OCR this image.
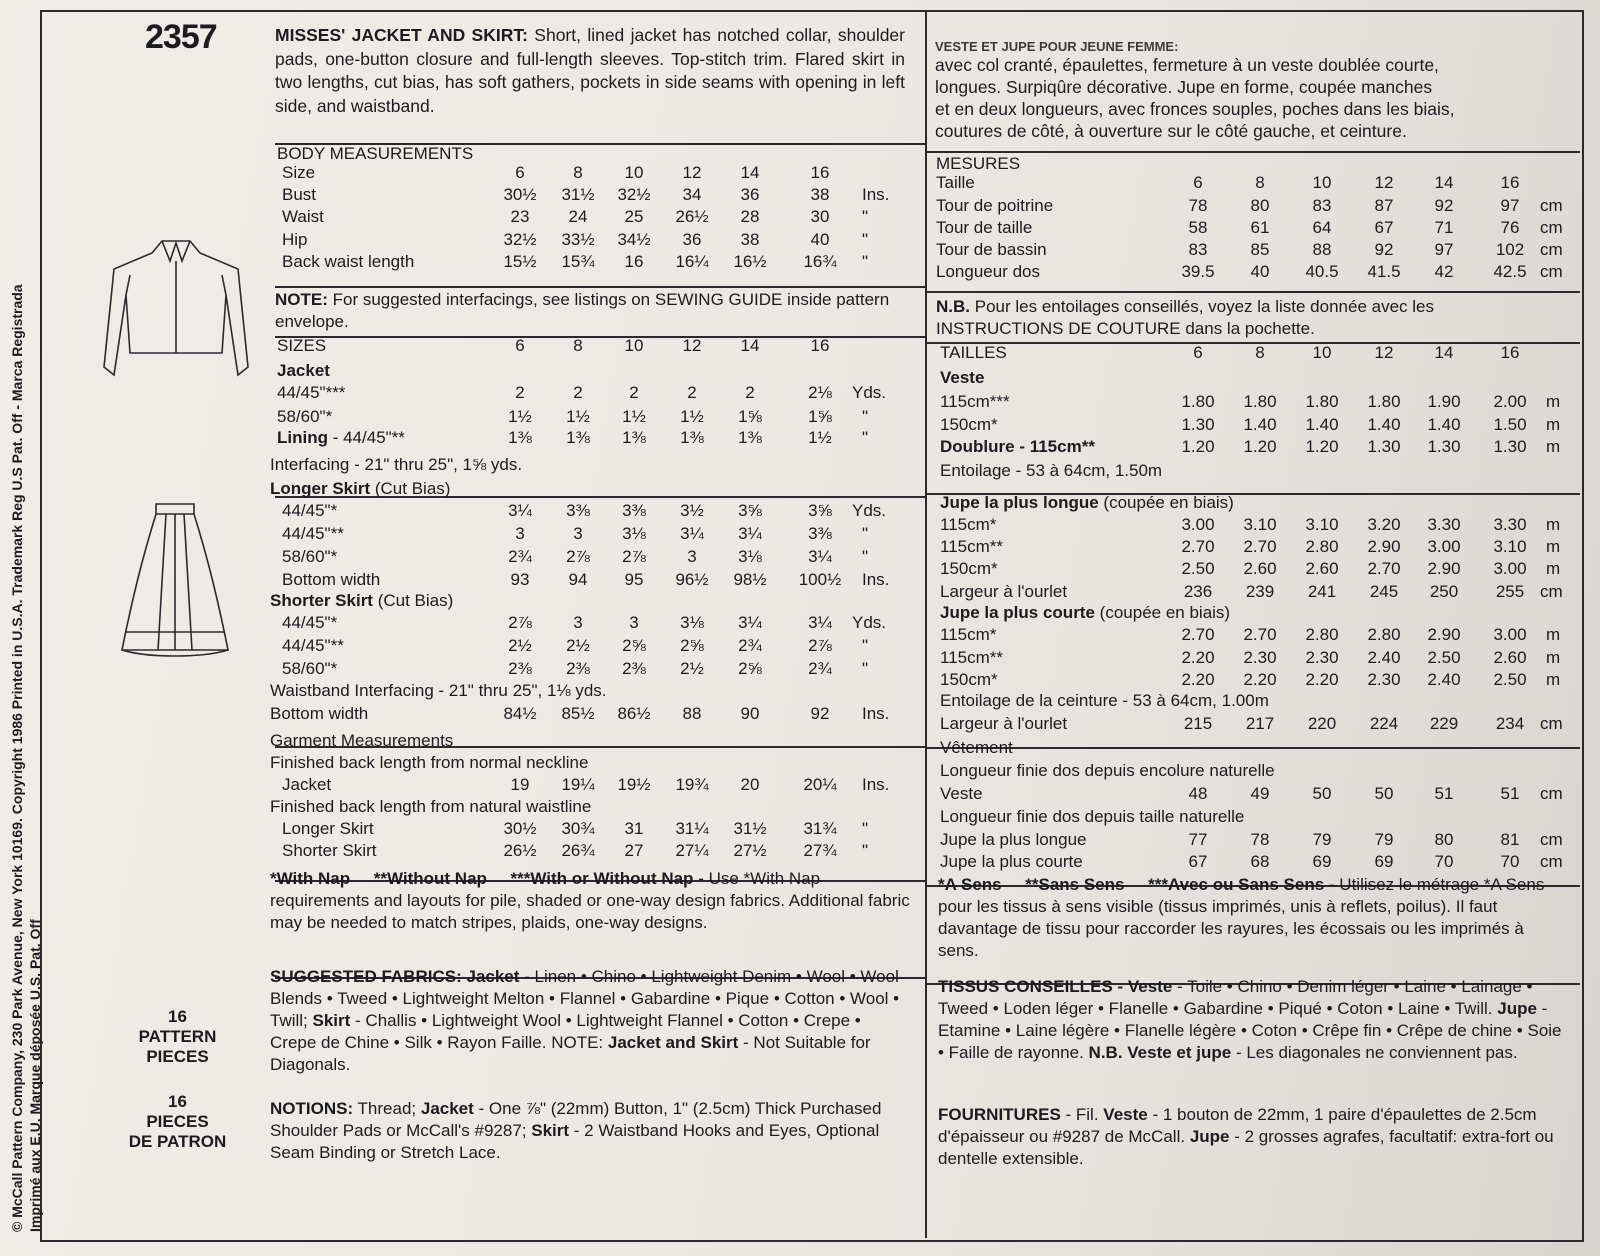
© McCall Pattern Company, 230 Park Avenue, New York 10169. Copyright 1986 Printed in U.S.A. Trademark Reg U.S Pat. Off - Marca Registrada Imprimé aux E.U. Marque déposée U.S. Pat. Off
2357
16
PATTERN
PIECES
16
PIECES
DE PATRON
MISSES' JACKET AND SKIRT: Short, lined jacket has notched collar, shoulder pads, one-button closure and full-length sleeves. Top-stitch trim. Flared skirt in two lengths, cut bias, has soft gathers, pockets in side seams with opening in left side, and waistband.
VESTE ET JUPE POUR JEUNE FEMME:
avec col cranté, épaulettes, fermeture à un veste doublée courte,
longues. Surpiqûre décorative. Jupe en forme, coupée manches
et en deux longueurs, avec fronces souples, poches dans les biais,
coutures de côté, à ouverture sur le côté gauche, et ceinture.
Size	6	8	10	12	14	16
Bust	30½	31½	32½	34	36	38	Ins.
Waist	23	24	25	26½	28	30	"
Hip	32½	33½	34½	36	38	40	"
Back waist length	15½	15¾	16	16¼	16½	16¾	"
SIZES	6	8	10	12	14	16
44/45"***	2	2	2	2	2	2⅛	Yds.
58/60"*	1½	1½	1½	1½	1⅝	1⅝	"
Lining - 44/45"**	1⅜	1⅜	1⅜	1⅜	1⅜	1½	"
44/45"*	3¼	3⅜	3⅜	3½	3⅝	3⅝	Yds.
44/45"**	3	3	3⅛	3¼	3¼	3⅜	"
58/60"*	2¾	2⅞	2⅞	3	3⅛	3¼	"
Bottom width	93	94	95	96½	98½	100½	Ins.
44/45"*	2⅞	3	3	3⅛	3¼	3¼	Yds.
44/45"**	2½	2½	2⅝	2⅝	2¾	2⅞	"
58/60"*	2⅜	2⅜	2⅜	2½	2⅝	2¾	"
Bottom width	84½	85½	86½	88	90	92	Ins.
Jacket	19	19¼	19½	19¾	20	20¼	Ins.
Longer Skirt	30½	30¾	31	31¼	31½	31¾	"
Shorter Skirt	26½	26¾	27	27¼	27½	27¾	"
Taille	6	8	10	12	14	16
Tour de poitrine	78	80	83	87	92	97	cm
Tour de taille	58	61	64	67	71	76	cm
Tour de bassin	83	85	88	92	97	102 cm
Longueur dos	39.5	40	40.5	41.5	42	42.5 cm
TAILLES	6	8	10	12	14	16
115cm***	1.80	1.80	1.80	1.80	1.90	2.00	m
150cm*	1.30	1.40	1.40	1.40	1.40	1.50	m
Doublure - 115cm**	1.20	1.20	1.20	1.30	1.30	1.30	m
115cm*	3.00	3.10	3.10	3.20	3.30	3.30	m
115cm**	2.70	2.70	2.80	2.90	3.00	3.10	m
150cm*	2.50	2.60	2.60	2.70	2.90	3.00	m
Largeur à l'ourlet	236	239	241	245	250	255 cm
115cm*	2.70	2.70	2.80	2.80	2.90	3.00	m
115cm**	2.20	2.30	2.30	2.40	2.50	2.60	m
150cm*	2.20	2.20	2.20	2.30	2.40	2.50	m
Largeur à l'ourlet	215	217	220	224	229	234 cm
Veste	48	49	50	50	51	51	cm
Jupe la plus longue	77	78	79	79	80	81	cm
Jupe la plus courte	67	68	69	69	70	70	cm
BODY MEASUREMENTS
NOTE: For suggested interfacings, see listings on SEWING GUIDE inside pattern envelope.
Jacket
Interfacing - 21" thru 25", 1⅝ yds.
Longer Skirt (Cut Bias)
Shorter Skirt (Cut Bias)
Waistband Interfacing - 21" thru 25", 1⅛ yds.
Garment Measurements
Finished back length from normal neckline
Finished back length from natural waistline
*With Nap **Without Nap ***With or Without Nap - Use *With Nap requirements and layouts for pile, shaded or one-way design fabrics. Additional fabric may be needed to match stripes, plaids, one-way designs.
SUGGESTED FABRICS: Jacket - Linen • Chino • Lightweight Denim • Wool • Wool Blends • Tweed • Lightweight Melton • Flannel • Gabardine • Pique • Cotton • Wool • Twill; Skirt - Challis • Lightweight Wool • Lightweight Flannel • Cotton • Crepe • Crepe de Chine • Silk • Rayon Faille. NOTE: Jacket and Skirt - Not Suitable for Diagonals.
NOTIONS: Thread; Jacket - One ⅞" (22mm) Button, 1" (2.5cm) Thick Purchased Shoulder Pads or McCall's #9287; Skirt - 2 Waistband Hooks and Eyes, Optional Seam Binding or Stretch Lace.
MESURES
N.B. Pour les entoilages conseillés, voyez la liste donnée avec les
INSTRUCTIONS DE COUTURE dans la pochette.
Veste
Entoilage - 53 à 64cm, 1.50m
Jupe la plus longue (coupée en biais)
Jupe la plus courte (coupée en biais)
Entoilage de la ceinture - 53 à 64cm, 1.00m
Vêtement
Longueur finie dos depuis encolure naturelle
Longueur finie dos depuis taille naturelle
*A Sens **Sans Sens ***Avec ou Sans Sens - Utilisez le métrage *A Sens pour les tissus à sens visible (tissus imprimés, unis à reflets, poilus). Il faut davantage de tissu pour raccorder les rayures, les écossais ou les imprimés à sens.
TISSUS CONSEILLES - Veste - Toile • Chino • Denim léger • Laine • Lainage • Tweed • Loden léger • Flanelle • Gabardine • Piqué • Coton • Laine • Twill. Jupe - Etamine • Laine légère • Flanelle légère • Coton • Crêpe fin • Crêpe de chine • Soie • Faille de rayonne. N.B. Veste et jupe - Les diagonales ne conviennent pas.
FOURNITURES - Fil. Veste - 1 bouton de 22mm, 1 paire d'épaulettes de 2.5cm d'épaisseur ou #9287 de McCall. Jupe - 2 grosses agrafes, facultatif: extra-fort ou dentelle extensible.
